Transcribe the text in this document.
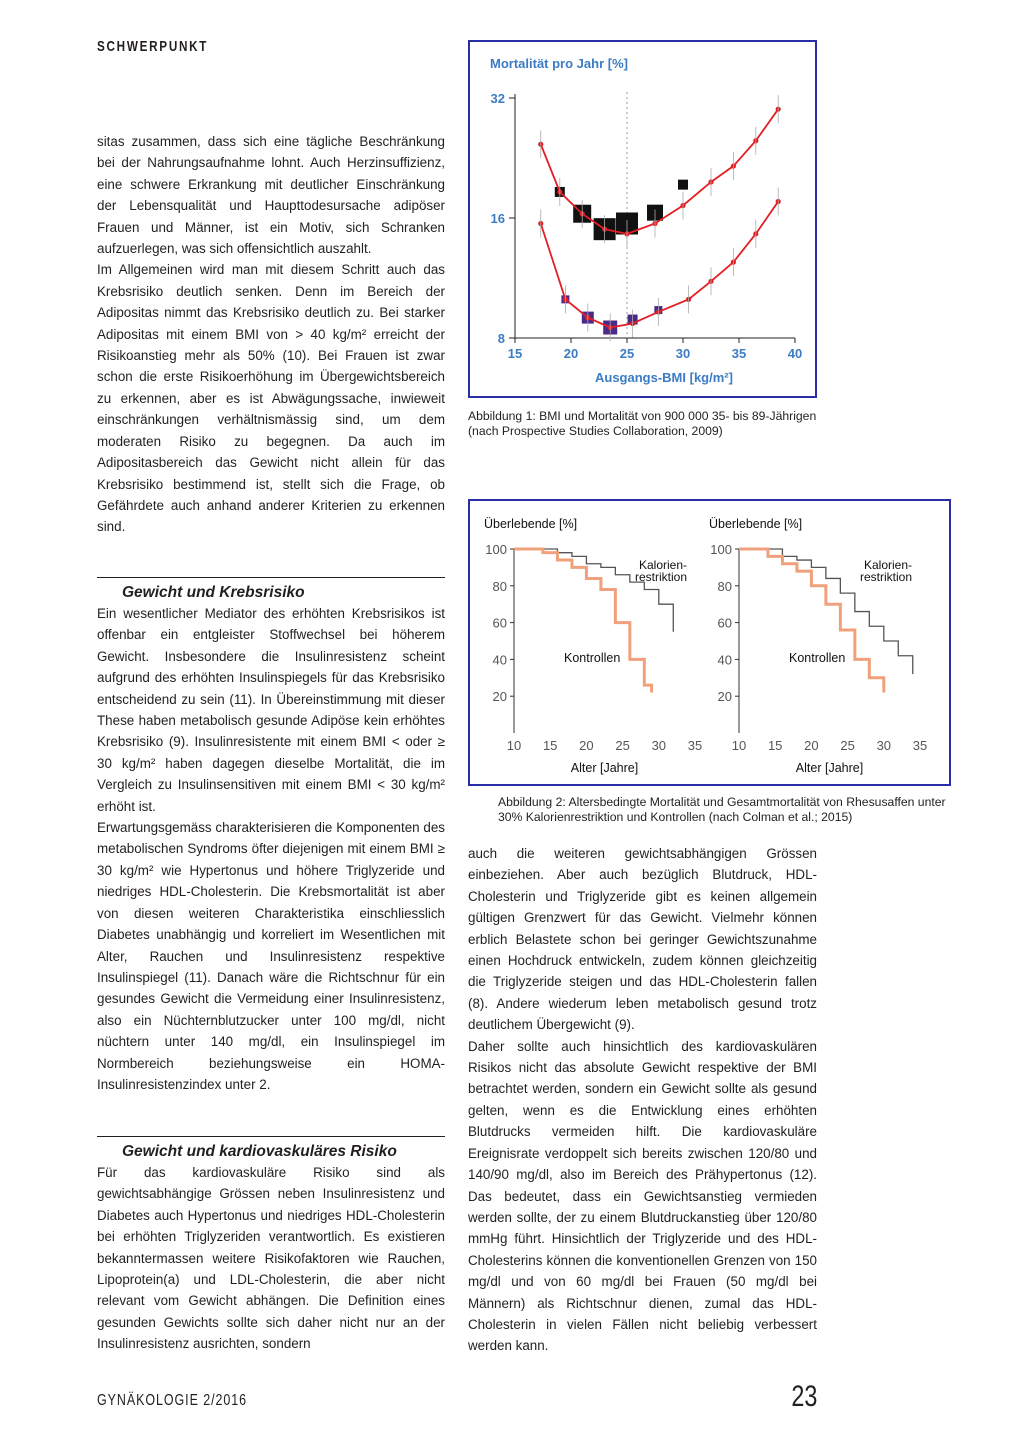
SCHWERPUNKT

sitas zusammen, dass sich eine tägliche Beschränkung bei der Nahrungsaufnahme lohnt. Auch Herzinsuffizienz, eine schwere Erkrankung mit deutlicher Einschränkung der Lebensqualität und Haupttodesursache adipöser Frauen und Männer, ist ein Motiv, sich Schranken aufzuerlegen, was sich offensichtlich auszahlt.

Im Allgemeinen wird man mit diesem Schritt auch das Krebsrisiko deutlich senken. Denn im Bereich der Adipositas nimmt das Krebsrisiko deutlich zu. Bei starker Adipositas mit einem BMI von > 40 kg/m² erreicht der Risikoanstieg mehr als 50% (10). Bei Frauen ist zwar schon die erste Risikoerhöhung im Übergewichtsbereich zu erkennen, aber es ist Abwägungssache, inwieweit einschränkungen verhältnismässig sind, um dem moderaten Risiko zu begegnen. Da auch im Adipositasbereich das Gewicht nicht allein für das Krebsrisiko bestimmend ist, stellt sich die Frage, ob Gefährdete auch anhand anderer Kriterien zu erkennen sind.

Gewicht und Krebsrisiko

Ein wesentlicher Mediator des erhöhten Krebsrisikos ist offenbar ein entgleister Stoffwechsel bei höherem Gewicht. Insbesondere die Insulinresistenz scheint aufgrund des erhöhten Insulinspiegels für das Krebsrisiko entscheidend zu sein (11). In Übereinstimmung mit dieser These haben metabolisch gesunde Adipöse kein erhöhtes Krebsrisiko (9). Insulinresistente mit einem BMI < oder ≥ 30 kg/m² haben dagegen dieselbe Mortalität, die im Vergleich zu Insulinsensitiven mit einem BMI < 30 kg/m² erhöht ist.

Erwartungsgemäss charakterisieren die Komponenten des metabolischen Syndroms öfter diejenigen mit einem BMI ≥ 30 kg/m² wie Hypertonus und höhere Triglyzeride und niedriges HDL-Cholesterin. Die Krebsmortalität ist aber von diesen weiteren Charakteristika einschliesslich Diabetes unabhängig und korreliert im Wesentlichen mit Alter, Rauchen und Insulinresistenz respektive Insulinspiegel (11). Danach wäre die Richtschnur für ein gesundes Gewicht die Vermeidung einer Insulinresistenz, also ein Nüchternblutzucker unter 100 mg/dl, nicht nüchtern unter 140 mg/dl, ein Insulinspiegel im Normbereich beziehungsweise ein HOMA-Insulinresistenzindex unter 2.

Gewicht und kardiovaskuläres Risiko

Für das kardiovaskuläre Risiko sind als gewichtsabhängige Grössen neben Insulinresistenz und Diabetes auch Hypertonus und niedriges HDL-Cholesterin bei erhöhten Triglyzeriden verantwortlich. Es existieren bekanntermassen weitere Risikofaktoren wie Rauchen, Lipoprotein(a) und LDL-Cholesterin, die aber nicht relevant vom Gewicht abhängen. Die Definition eines gesunden Gewichts sollte sich daher nicht nur an der Insulinresistenz ausrichten, sondern

Mortalität pro Jahr [%]
Ausgangs-BMI [kg/m²]
8
16
32
15	20	25	30	35	40
Abbildung 1: BMI und Mortalität von 900 000 35- bis 89-Jährigen (nach Prospective Studies Collaboration, 2009)
Überlebende [%]
Alter [Jahre]
100
80
60
40
20
10 15 20 25 30 35
Kalorien-
restriktion
Kontrollen
Überlebende [%]
Alter [Jahre]
100
80
60
40
20
10 15 20 25 30 35
Kalorien-
restriktion
Kontrollen
Abbildung 2: Altersbedingte Mortalität und Gesamtmortalität von Rhesusaffen unter 30% Kalorienrestriktion und Kontrollen (nach Colman et al.; 2015)

auch die weiteren gewichtsabhängigen Grössen einbeziehen. Aber auch bezüglich Blutdruck, HDL-Cholesterin und Triglyzeride gibt es keinen allgemein gültigen Grenzwert für das Gewicht. Vielmehr können erblich Belastete schon bei geringer Gewichtszunahme einen Hochdruck entwickeln, zudem können gleichzeitig die Triglyzeride steigen und das HDL-Cholesterin fallen (8). Andere wiederum leben metabolisch gesund trotz deutlichem Übergewicht (9).

Daher sollte auch hinsichtlich des kardiovaskulären Risikos nicht das absolute Gewicht respektive der BMI betrachtet werden, sondern ein Gewicht sollte als gesund gelten, wenn es die Entwicklung eines erhöhten Blutdrucks vermeiden hilft. Die kardiovaskuläre Ereignisrate verdoppelt sich bereits zwischen 120/80 und 140/90 mg/dl, also im Bereich des Prähypertonus (12). Das bedeutet, dass ein Gewichtsanstieg vermieden werden sollte, der zu einem Blutdruckanstieg über 120/80 mmHg führt. Hinsichtlich der Triglyzeride und des HDL-Cholesterins können die konventionellen Grenzen von 150 mg/dl und von 60 mg/dl bei Frauen (50 mg/dl bei Männern) als Richtschnur dienen, zumal das HDL-Cholesterin in vielen Fällen nicht beliebig verbessert werden kann.

GYNÄKOLOGIE 2/2016	23
